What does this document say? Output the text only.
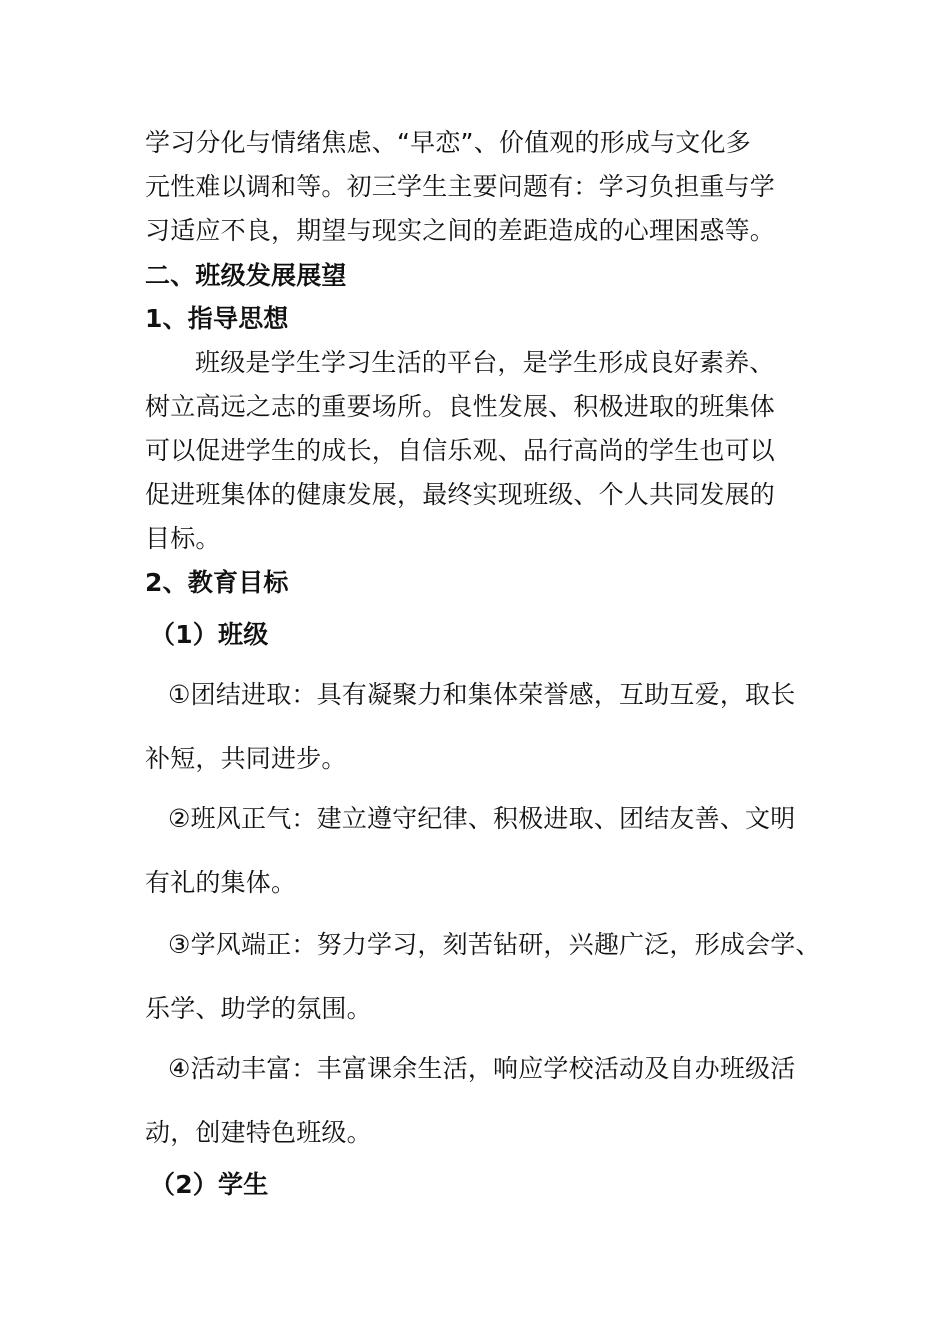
学习分化与情绪焦虑、“早恋”、价值观的形成与文化多
元性难以调和等。初三学生主要问题有：学习负担重与学
习适应不良，期望与现实之间的差距造成的心理困惑等。
二、班级发展展望
1、指导思想
班级是学生学习生活的平台，是学生形成良好素养、
树立高远之志的重要场所。良性发展、积极进取的班集体
可以促进学生的成长，自信乐观、品行高尚的学生也可以
促进班集体的健康发展，最终实现班级、个人共同发展的
目标。
2、教育目标
（1）班级
①团结进取：具有凝聚力和集体荣誉感，互助互爱，取长
补短，共同进步。
②班风正气：建立遵守纪律、积极进取、团结友善、文明
有礼的集体。
③学风端正：努力学习，刻苦钻研，兴趣广泛，形成会学、
乐学、助学的氛围。
④活动丰富：丰富课余生活，响应学校活动及自办班级活
动，创建特色班级。
（2）学生
